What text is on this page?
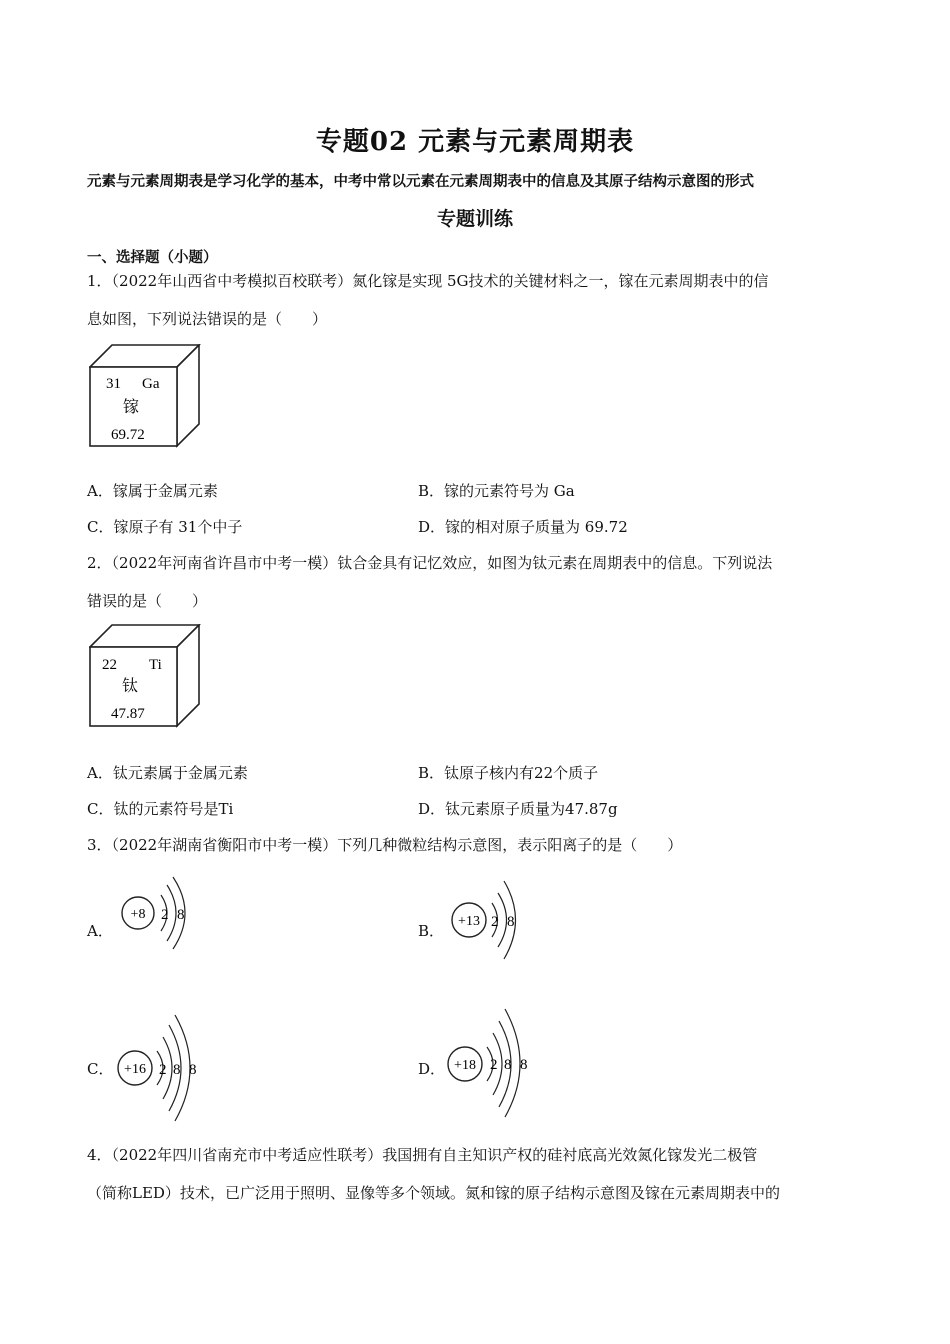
专题02 元素与元素周期表
元素与元素周期表是学习化学的基本，中考中常以元素在元素周期表中的信息及其原子结构示意图的形式
专题训练
一、选择题（小题）
1．（2022年山西省中考模拟百校联考）氮化镓是实现 5G技术的关键材料之一，镓在元素周期表中的信
息如图，下列说法错误的是（　　）
31 Ga
镓
69.72
A．镓属于金属元素	B．镓的元素符号为 Ga
C．镓原子有 31个中子	D．镓的相对原子质量为 69.72
2．（2022年河南省许昌市中考一模）钛合金具有记忆效应，如图为钛元素在周期表中的信息。下列说法
错误的是（　　）
22 Ti
钛
47.87
A．钛元素属于金属元素	B．钛原子核内有22个质子
C．钛的元素符号是Ti	D．钛元素原子质量为47.87g
3．（2022年湖南省衡阳市中考一模）下列几种微粒结构示意图，表示阳离子的是（　　）
A．
+8 2 8
B．
+13 2 8
C． +16 2 8 8	D． +18 2 8 8
4．（2022年四川省南充市中考适应性联考）我国拥有自主知识产权的硅衬底高光效氮化镓发光二极管
（简称LED）技术，已广泛用于照明、显像等多个领域。氮和镓的原子结构示意图及镓在元素周期表中的
